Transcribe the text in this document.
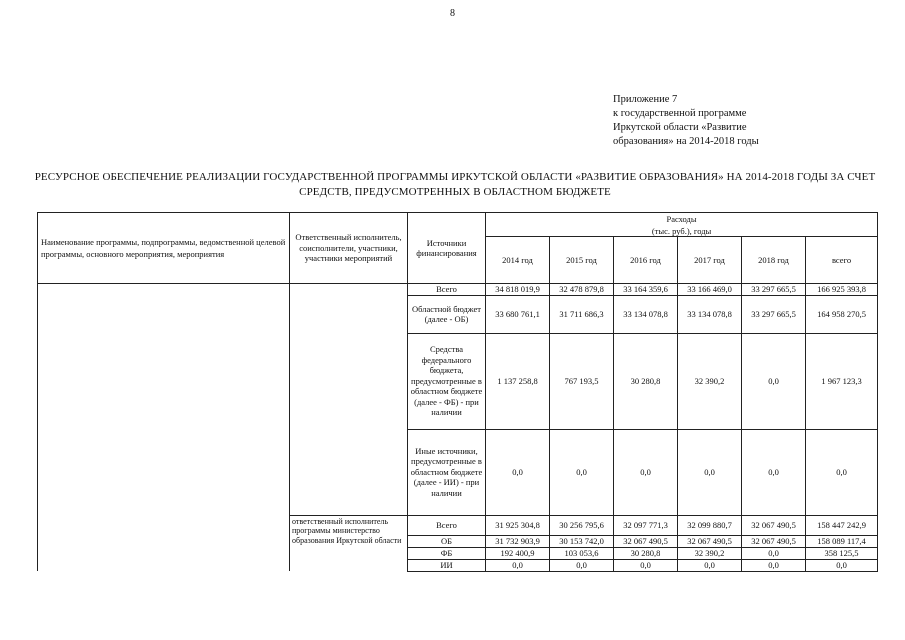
8
Приложение 7
к государственной программе
Иркутской области «Развитие
образования» на 2014-2018 годы
РЕСУРСНОЕ ОБЕСПЕЧЕНИЕ РЕАЛИЗАЦИИ ГОСУДАРСТВЕННОЙ ПРОГРАММЫ ИРКУТСКОЙ ОБЛАСТИ «РАЗВИТИЕ ОБРАЗОВАНИЯ» НА 2014-2018 ГОДЫ ЗА СЧЕТ
СРЕДСТВ, ПРЕДУСМОТРЕННЫХ В ОБЛАСТНОМ БЮДЖЕТЕ
Наименование программы, подпрограммы, ведомственной целевой программы, основного мероприятия, мероприятия	Ответственный исполнитель, соисполнители, участники, участники мероприятий	Источники финансирования	Расходы					
			(тыс. руб.), годы					
			2014 год	2015 год	2016 год	2017 год	2018 год	всего
		Всего	34 818 019,9	32 478 879,8	33 164 359,6	33 166 469,0	33 297 665,5	166 925 393,8
		Областной бюджет (далее - ОБ)	33 680 761,1	31 711 686,3	33 134 078,8	33 134 078,8	33 297 665,5	164 958 270,5
		Средства федерального бюджета, предусмотренные в областном бюджете (далее - ФБ) - при наличии	1 137 258,8	767 193,5	30 280,8	32 390,2	0,0	1 967 123,3
		Иные источники, предусмотренные в областном бюджете (далее - ИИ) - при наличии	0,0	0,0	0,0	0,0	0,0	0,0
	ответственный исполнитель программы министерство образования Иркутской области	Всего	31 925 304,8	30 256 795,6	32 097 771,3	32 099 880,7	32 067 490,5	158 447 242,9
		ОБ	31 732 903,9	30 153 742,0	32 067 490,5	32 067 490,5	32 067 490,5	158 089 117,4
		ФБ	192 400,9	103 053,6	30 280,8	32 390,2	0,0	358 125,5
		ИИ	0,0	0,0	0,0	0,0	0,0	0,0
